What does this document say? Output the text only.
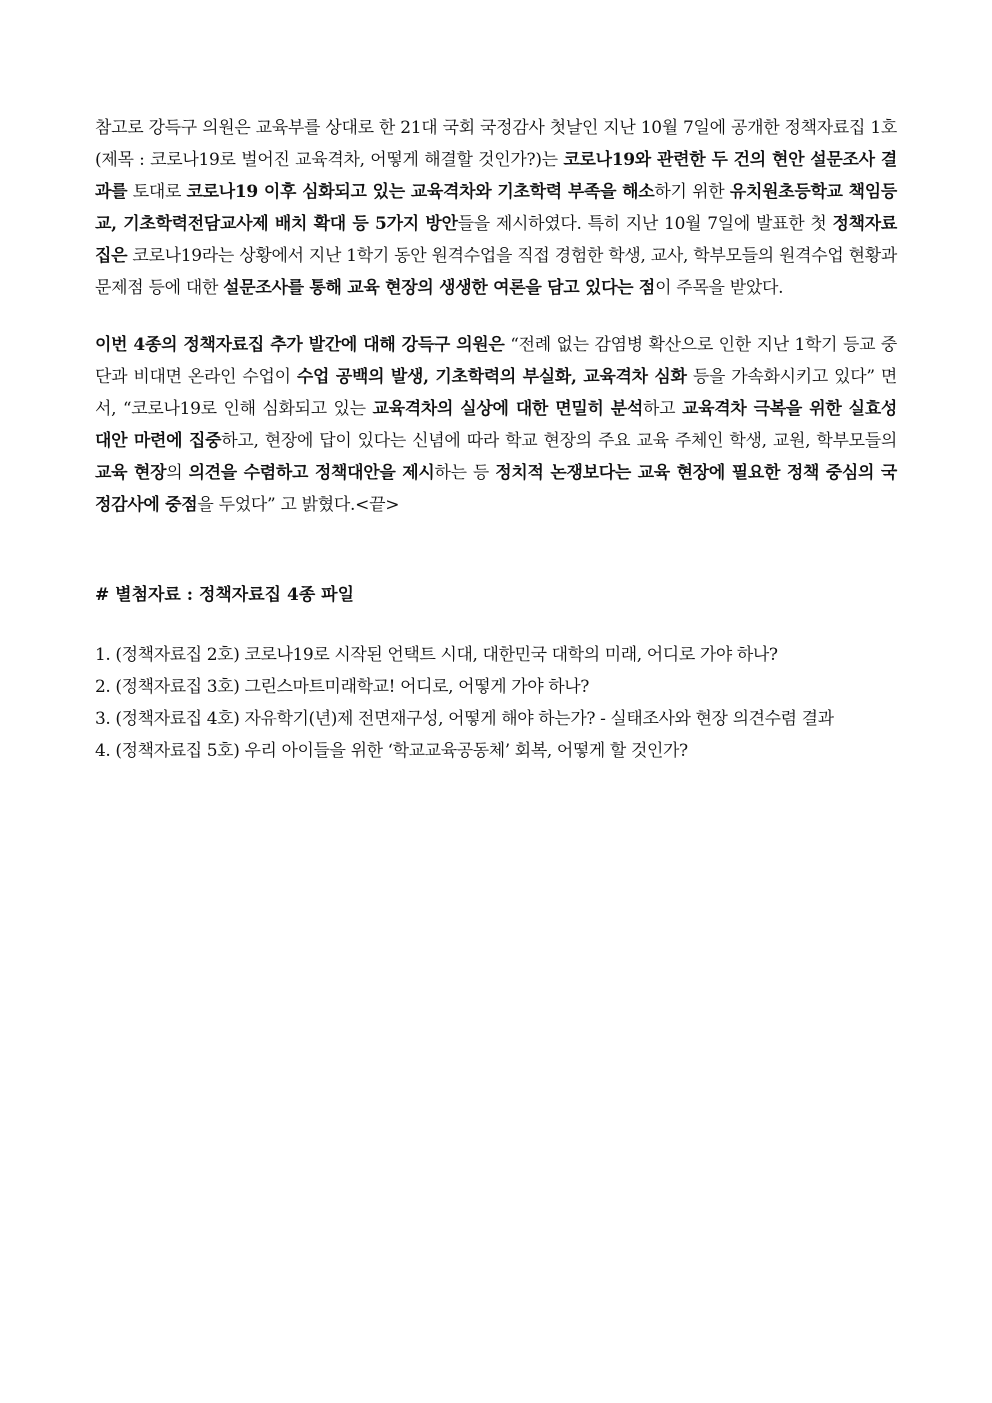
참고로 강득구 의원은 교육부를 상대로 한 21대 국회 국정감사 첫날인 지난 10월 7일에 공개한 정책자료집 1호(제목 : 코로나19로 벌어진 교육격차, 어떻게 해결할 것인가?)는 코로나19와 관련한 두 건의 현안 설문조사 결과를 토대로 코로나19 이후 심화되고 있는 교육격차와 기초학력 부족을 해소하기 위한 유치원초등학교 책임등교, 기초학력전담교사제 배치 확대 등 5가지 방안들을 제시하였다. 특히 지난 10월 7일에 발표한 첫 정책자료집은 코로나19라는 상황에서 지난 1학기 동안 원격수업을 직접 경험한 학생, 교사, 학부모들의 원격수업 현황과 문제점 등에 대한 설문조사를 통해 교육 현장의 생생한 여론을 담고 있다는 점이 주목을 받았다.

이번 4종의 정책자료집 추가 발간에 대해 강득구 의원은 “전례 없는 감염병 확산으로 인한 지난 1학기 등교 중단과 비대면 온라인 수업이 수업 공백의 발생, 기초학력의 부실화, 교육격차 심화 등을 가속화시키고 있다” 면서, “코로나19로 인해 심화되고 있는 교육격차의 실상에 대한 면밀히 분석하고 교육격차 극복을 위한 실효성 대안 마련에 집중하고, 현장에 답이 있다는 신념에 따라 학교 현장의 주요 교육 주체인 학생, 교원, 학부모들의 교육 현장의 의견을 수렴하고 정책대안을 제시하는 등 정치적 논쟁보다는 교육 현장에 필요한 정책 중심의 국정감사에 중점을 두었다” 고 밝혔다.<끝>

# 별첨자료 : 정책자료집 4종 파일

1. (정책자료집 2호) 코로나19로 시작된 언택트 시대, 대한민국 대학의 미래, 어디로 가야 하나?
2. (정책자료집 3호) 그린스마트미래학교! 어디로, 어떻게 가야 하나?
3. (정책자료집 4호) 자유학기(년)제 전면재구성, 어떻게 해야 하는가? - 실태조사와 현장 의견수렴 결과
4. (정책자료집 5호) 우리 아이들을 위한 ‘학교교육공동체’ 회복, 어떻게 할 것인가?
